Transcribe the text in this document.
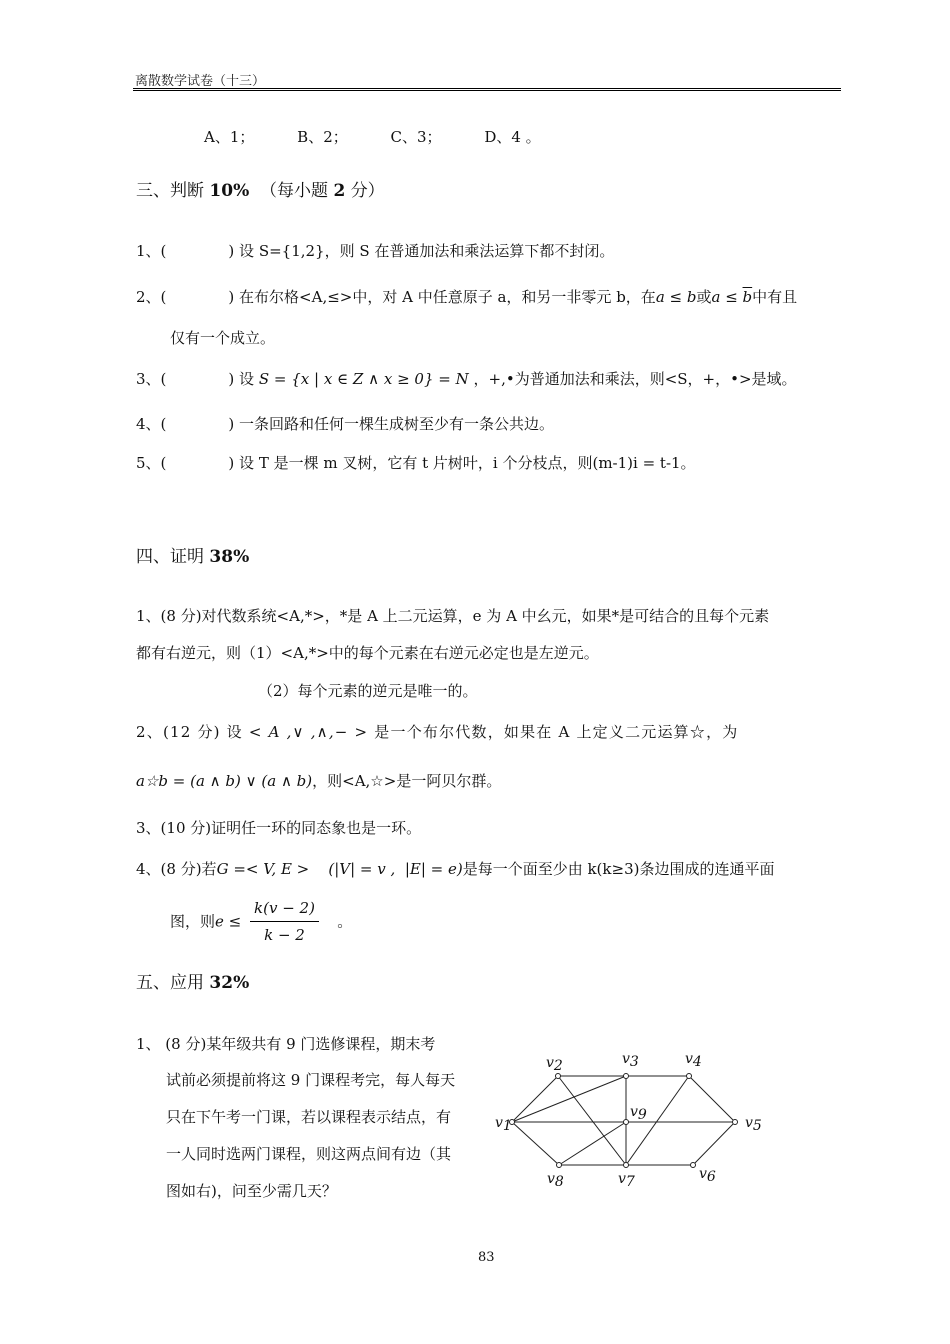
离散数学试卷（十三）
A、1；	B、2；	C、3；	D、4 。
三、判断 10% （每小题 2 分）
1、(	) 设 S={1,2}，则 S 在普通加法和乘法运算下都不封闭。
2、(	) 在布尔格<A,≤>中，对 A 中任意原子 a，和另一非零元 b，在a ≤ b或$a \le \overline{b}$中有且
仅有一个成立。
3、(	) 设 S = {x | x ∈ Z ∧ x ≥ 0} = N ，+,•为普通加法和乘法，则<S，+，•>是域。
4、(	) 一条回路和任何一棵生成树至少有一条公共边。
5、(	) 设 T 是一棵 m 叉树，它有 t 片树叶，i 个分枝点，则(m-1)i = t-1。
四、证明 38%
1、(8 分)对代数系统<A,*>，*是 A 上二元运算，e 为 A 中幺元，如果*是可结合的且每个元素
都有右逆元，则（1）<A,*>中的每个元素在右逆元必定也是左逆元。
（2）每个元素的逆元是唯一的。
2、(12 分) 设 < A ,∨ ,∧,− > 是一个布尔代数，如果在 A 上定义二元运算☆，为
a☆b = (a ∧ b) ∨ (a ∧ b)，则<A,☆>是一阿贝尔群。
3、(10 分)证明任一环的同态象也是一环。
4、(8 分)若G =< V, E > (|V| = v , |E| = e)是每一个面至少由 k(k≥3)条边围成的连通平面
图，则$e \le \frac{k(v - 2)}{k - 2}$ 。
五、应用 32%
1、 (8 分)某年级共有 9 门选修课程，期末考
试前必须提前将这 9 门课程考完，每人每天
只在下午考一门课，若以课程表示结点，有
一人同时选两门课程，则这两点间有边（其
图如右)，问至少需几天？
v1
v2	v3	v4
v5
v6
v7
v8
v9
83
